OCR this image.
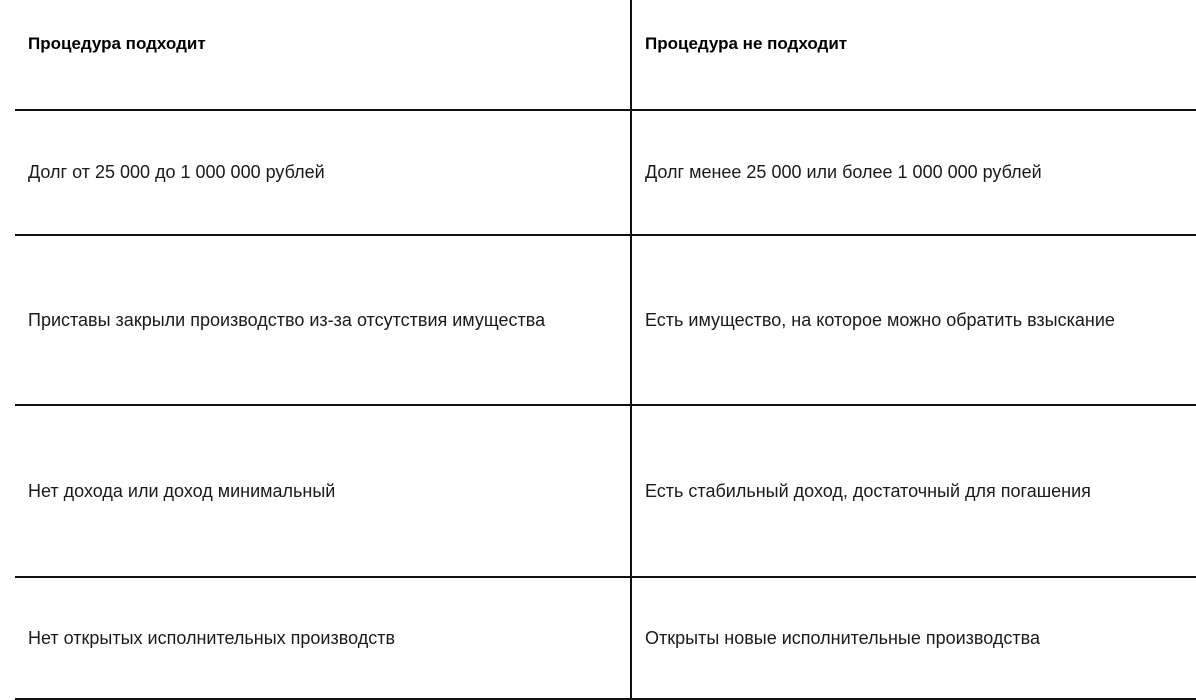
Процедура подходит	Процедура не подходит
Долг от 25 000 до 1 000 000 рублей	Долг менее 25 000 или более 1 000 000 рублей
Приставы закрыли производство из-за отсутствия имущества	Есть имущество, на которое можно обратить взыскание
Нет дохода или доход минимальный	Есть стабильный доход, достаточный для погашения
Нет открытых исполнительных производств	Открыты новые исполнительные производства
